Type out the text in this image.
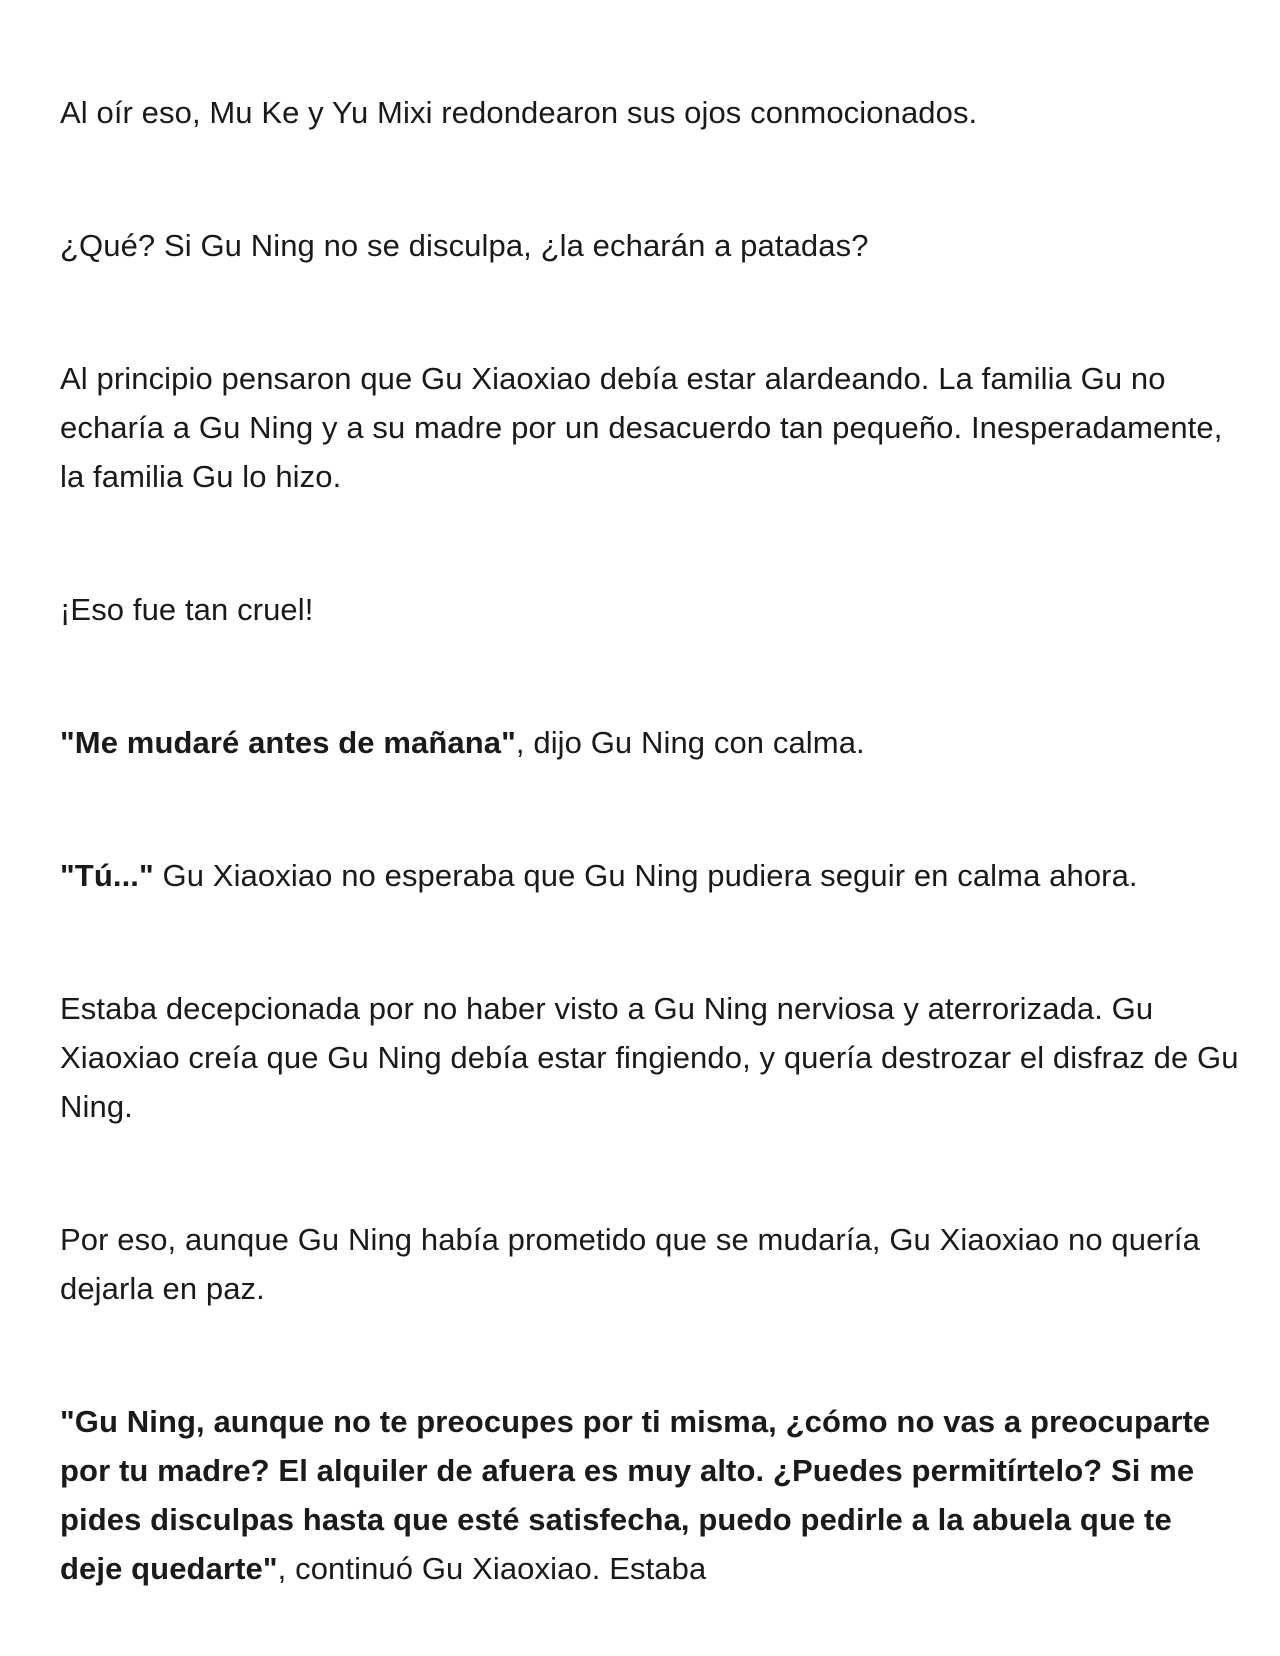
Al oír eso, Mu Ke y Yu Mixi redondearon sus ojos conmocionados.

¿Qué? Si Gu Ning no se disculpa, ¿la echarán a patadas?

Al principio pensaron que Gu Xiaoxiao debía estar alardeando. La familia Gu no echaría a Gu Ning y a su madre por un desacuerdo tan pequeño. Inesperadamente, la familia Gu lo hizo.

¡Eso fue tan cruel!

"Me mudaré antes de mañana", dijo Gu Ning con calma.

"Tú..." Gu Xiaoxiao no esperaba que Gu Ning pudiera seguir en calma ahora.

Estaba decepcionada por no haber visto a Gu Ning nerviosa y aterrorizada. Gu Xiaoxiao creía que Gu Ning debía estar fingiendo, y quería destrozar el disfraz de Gu Ning.

Por eso, aunque Gu Ning había prometido que se mudaría, Gu Xiaoxiao no quería dejarla en paz.

"Gu Ning, aunque no te preocupes por ti misma, ¿cómo no vas a preocuparte por tu madre? El alquiler de afuera es muy alto. ¿Puedes permitírtelo? Si me pides disculpas hasta que esté satisfecha, puedo pedirle a la abuela que te deje quedarte", continuó Gu Xiaoxiao. Estaba
